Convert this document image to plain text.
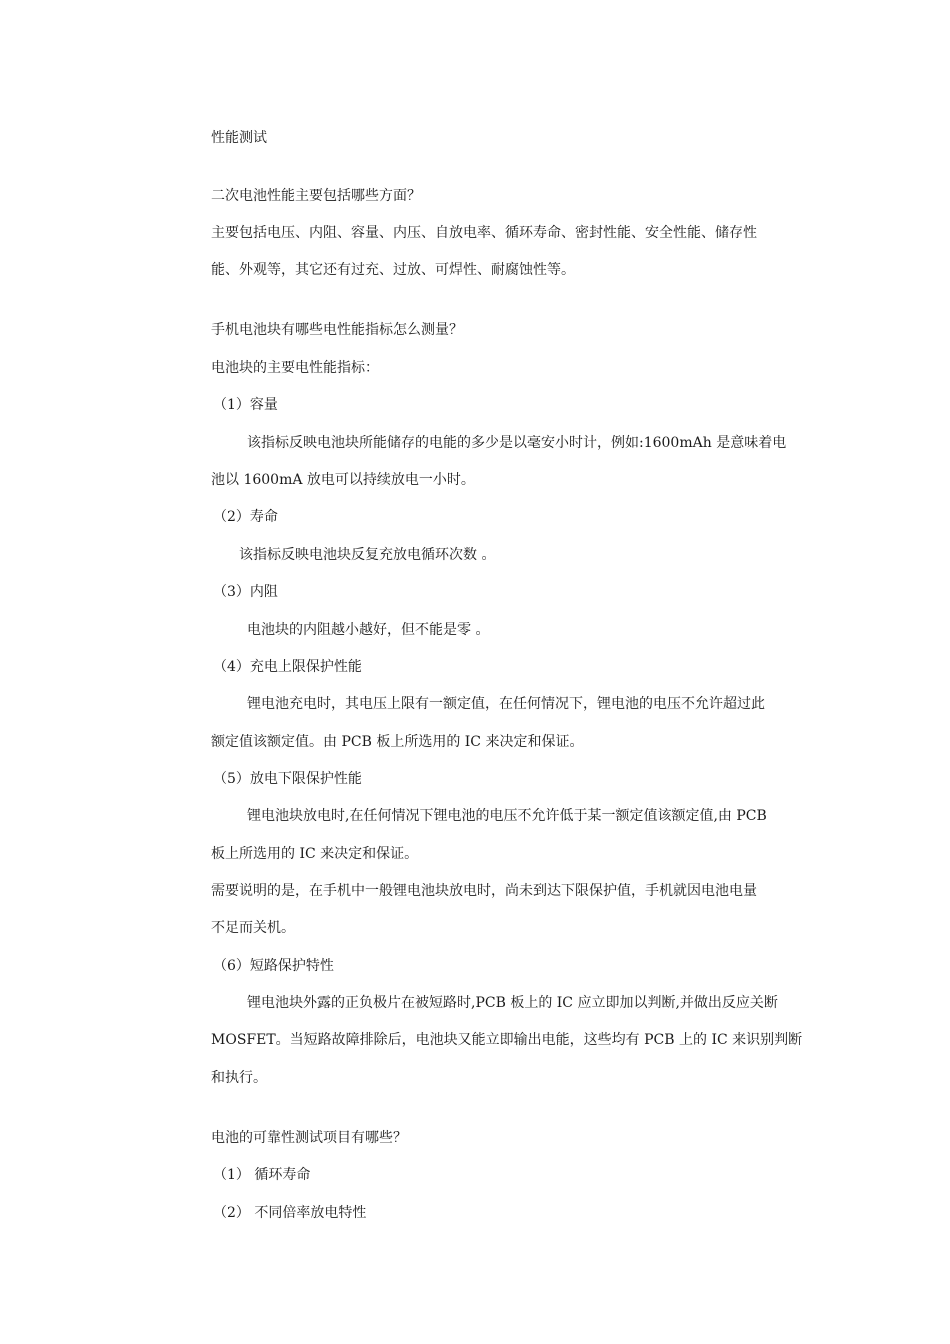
性能测试
二次电池性能主要包括哪些方面？
主要包括电压、内阻、容量、内压、自放电率、循环寿命、密封性能、安全性能、储存性
能、外观等，其它还有过充、过放、可焊性、耐腐蚀性等。
手机电池块有哪些电性能指标怎么测量？
电池块的主要电性能指标：
（1）容量
该指标反映电池块所能储存的电能的多少是以毫安小时计，例如:1600mAh 是意味着电
池以 1600mA 放电可以持续放电一小时。
（2）寿命
该指标反映电池块反复充放电循环次数 。
（3）内阻
电池块的内阻越小越好，但不能是零 。
（4）充电上限保护性能
锂电池充电时，其电压上限有一额定值，在任何情况下，锂电池的电压不允许超过此
额定值该额定值。由 PCB 板上所选用的 IC 来决定和保证。
（5）放电下限保护性能
锂电池块放电时,在任何情况下锂电池的电压不允许低于某一额定值该额定值,由 PCB
板上所选用的 IC 来决定和保证。
需要说明的是，在手机中一般锂电池块放电时，尚未到达下限保护值，手机就因电池电量
不足而关机。
（6）短路保护特性
锂电池块外露的正负极片在被短路时,PCB 板上的 IC 应立即加以判断,并做出反应关断
MOSFET。当短路故障排除后，电池块又能立即输出电能，这些均有 PCB 上的 IC 来识别判断
和执行。
电池的可靠性测试项目有哪些？
（1） 循环寿命
（2） 不同倍率放电特性
